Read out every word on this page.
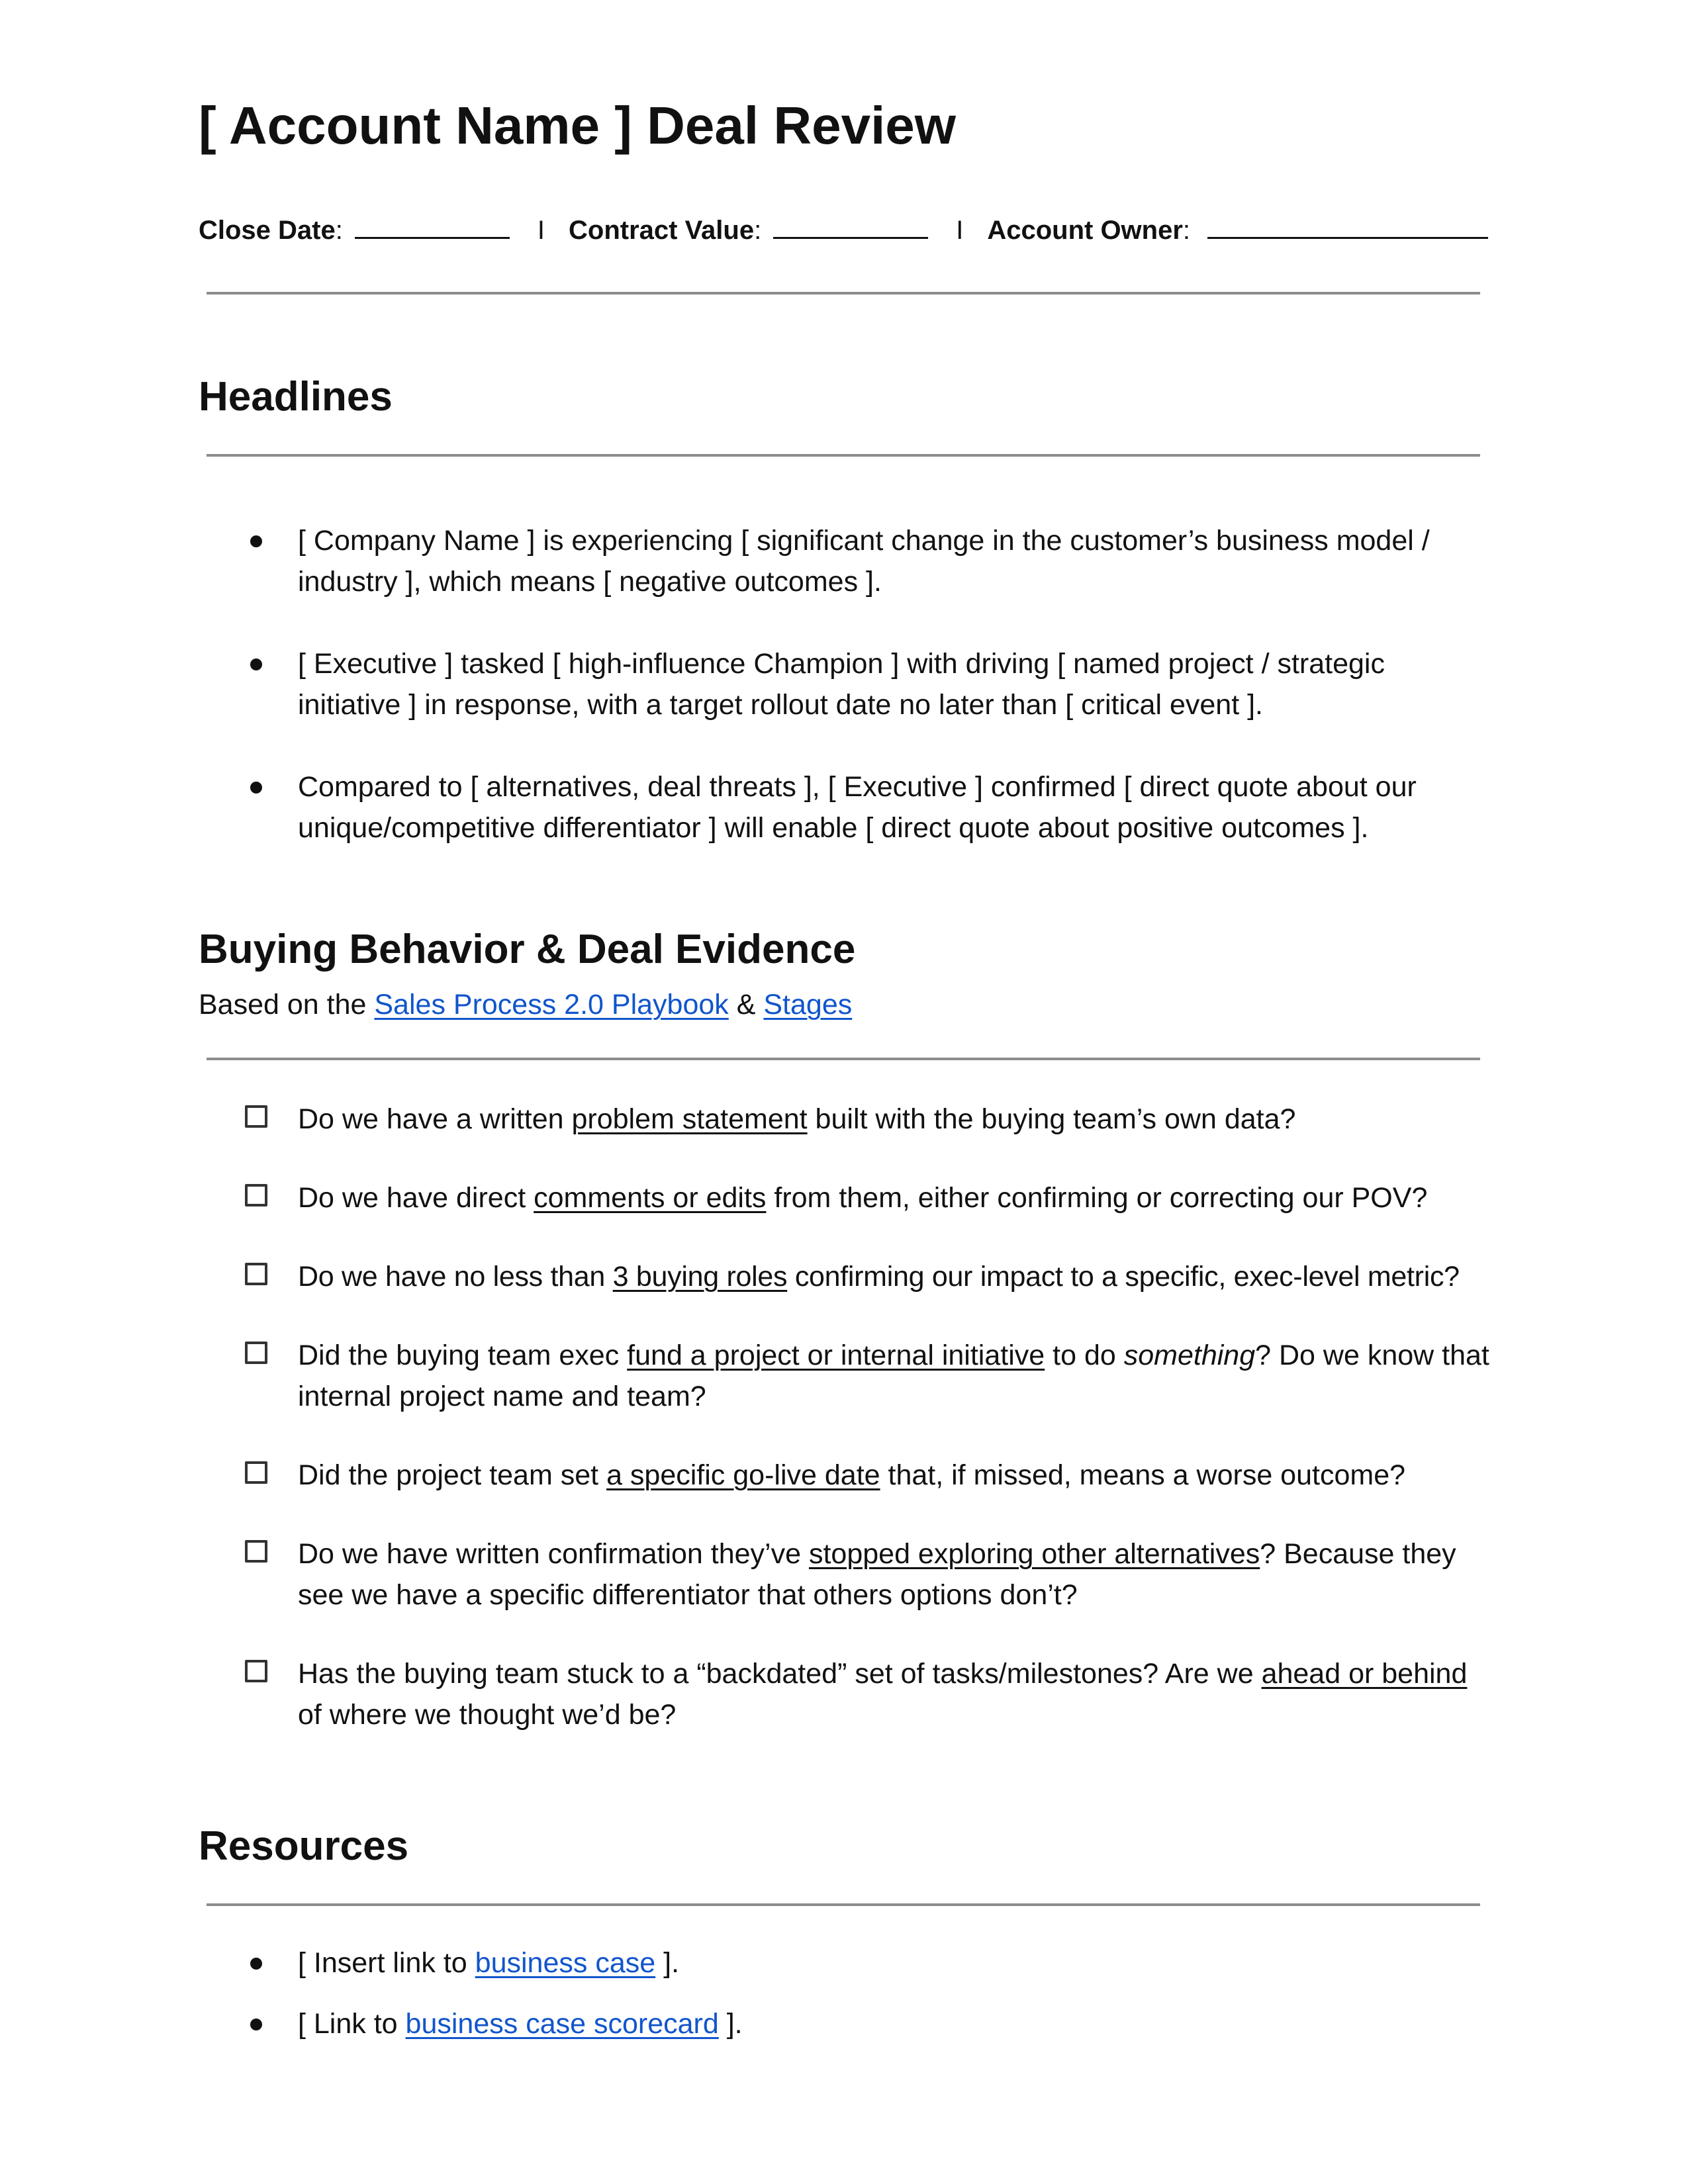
[ Account Name ] Deal Review
Close Date :	I Contract Value :	I Account Owner :
Headlines
[ Company Name ] is experiencing [ significant change in the customer’s business model / industry ], which means [ negative outcomes ].
[ Executive ] tasked [ high-influence Champion ] with driving [ named project / strategic initiative ] in response, with a target rollout date no later than [ critical event ].
Compared to [ alternatives, deal threats ], [ Executive ] confirmed [ direct quote about our unique/competitive differentiator ] will enable [ direct quote about positive outcomes ].
Buying Behavior & Deal Evidence
Based on the Sales Process 2.0 Playbook & Stages
Do we have a written problem statement built with the buying team’s own data?
Do we have direct comments or edits from them, either confirming or correcting our POV?
Do we have no less than 3 buying roles confirming our impact to a specific, exec-level metric?
Did the buying team exec fund a project or internal initiative to do something? Do we know that internal project name and team?
Did the project team set a specific go-live date that, if missed, means a worse outcome?
Do we have written confirmation they’ve stopped exploring other alternatives? Because they see we have a specific differentiator that others options don’t?
Has the buying team stuck to a “backdated” set of tasks/milestones? Are we ahead or behind of where we thought we’d be?
Resources
[ Insert link to business case ].
[ Link to business case scorecard ].
